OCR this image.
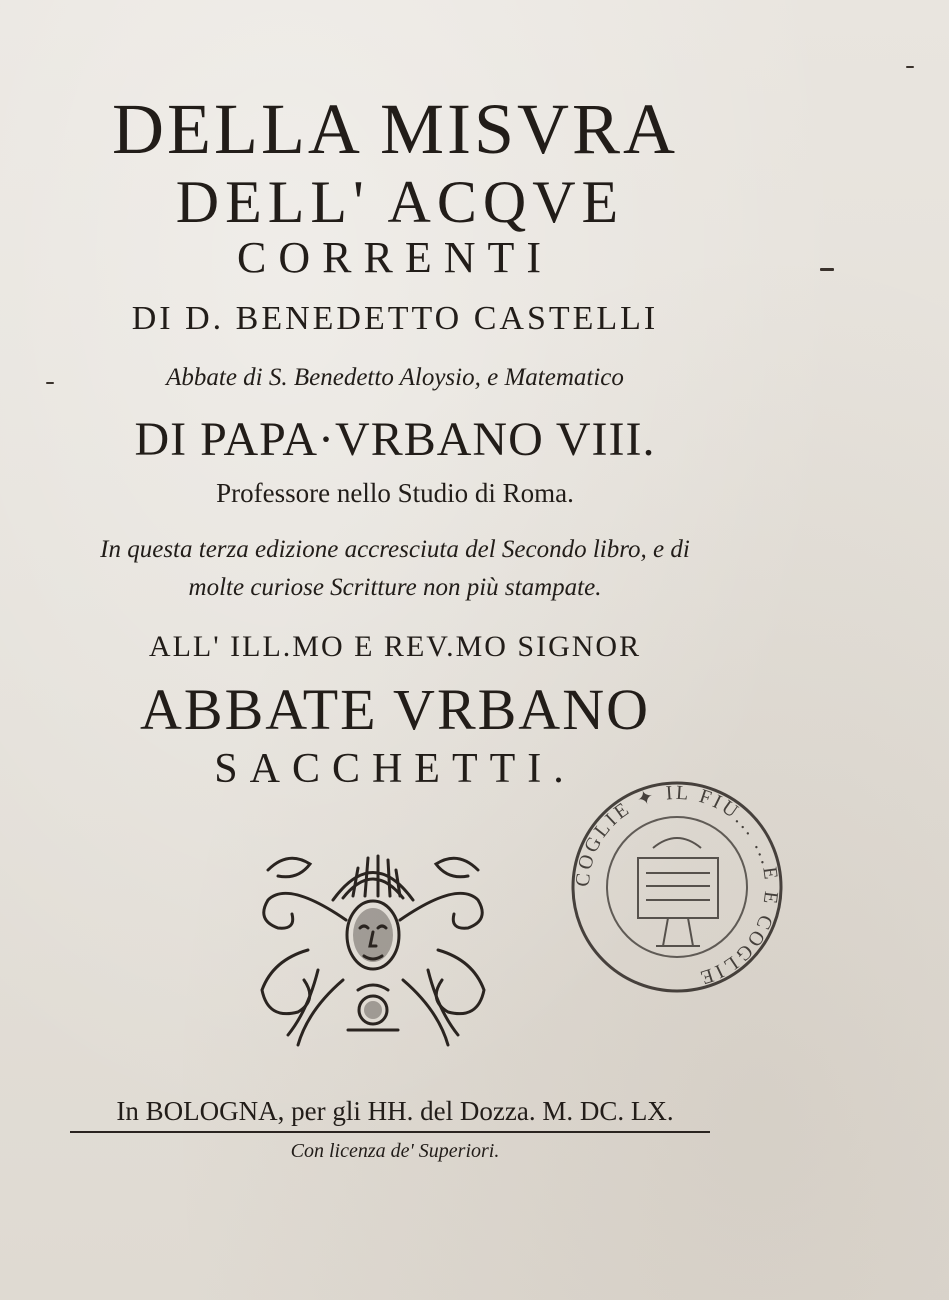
DELLA MISVRA

DELL' ACQVE

CORRENTI

DI D. BENEDETTO CASTELLI

Abbate di S. Benedetto Aloysio, e Matematico

DI PAPA·VRBANO VIII.

Professore nello Studio di Roma.

In questa terza edizione accresciuta del Secondo libro, e di

molte curiose Scritture non più stampate.

ALL' ILL.MO E REV.MO SIGNOR

ABBATE VRBANO

SACCHETTI.

COGLIE ✦ IL FIU... ...E E COGLIE

In BOLOGNA, per gli HH. del Dozza. M. DC. LX.

Con licenza de' Superiori.
